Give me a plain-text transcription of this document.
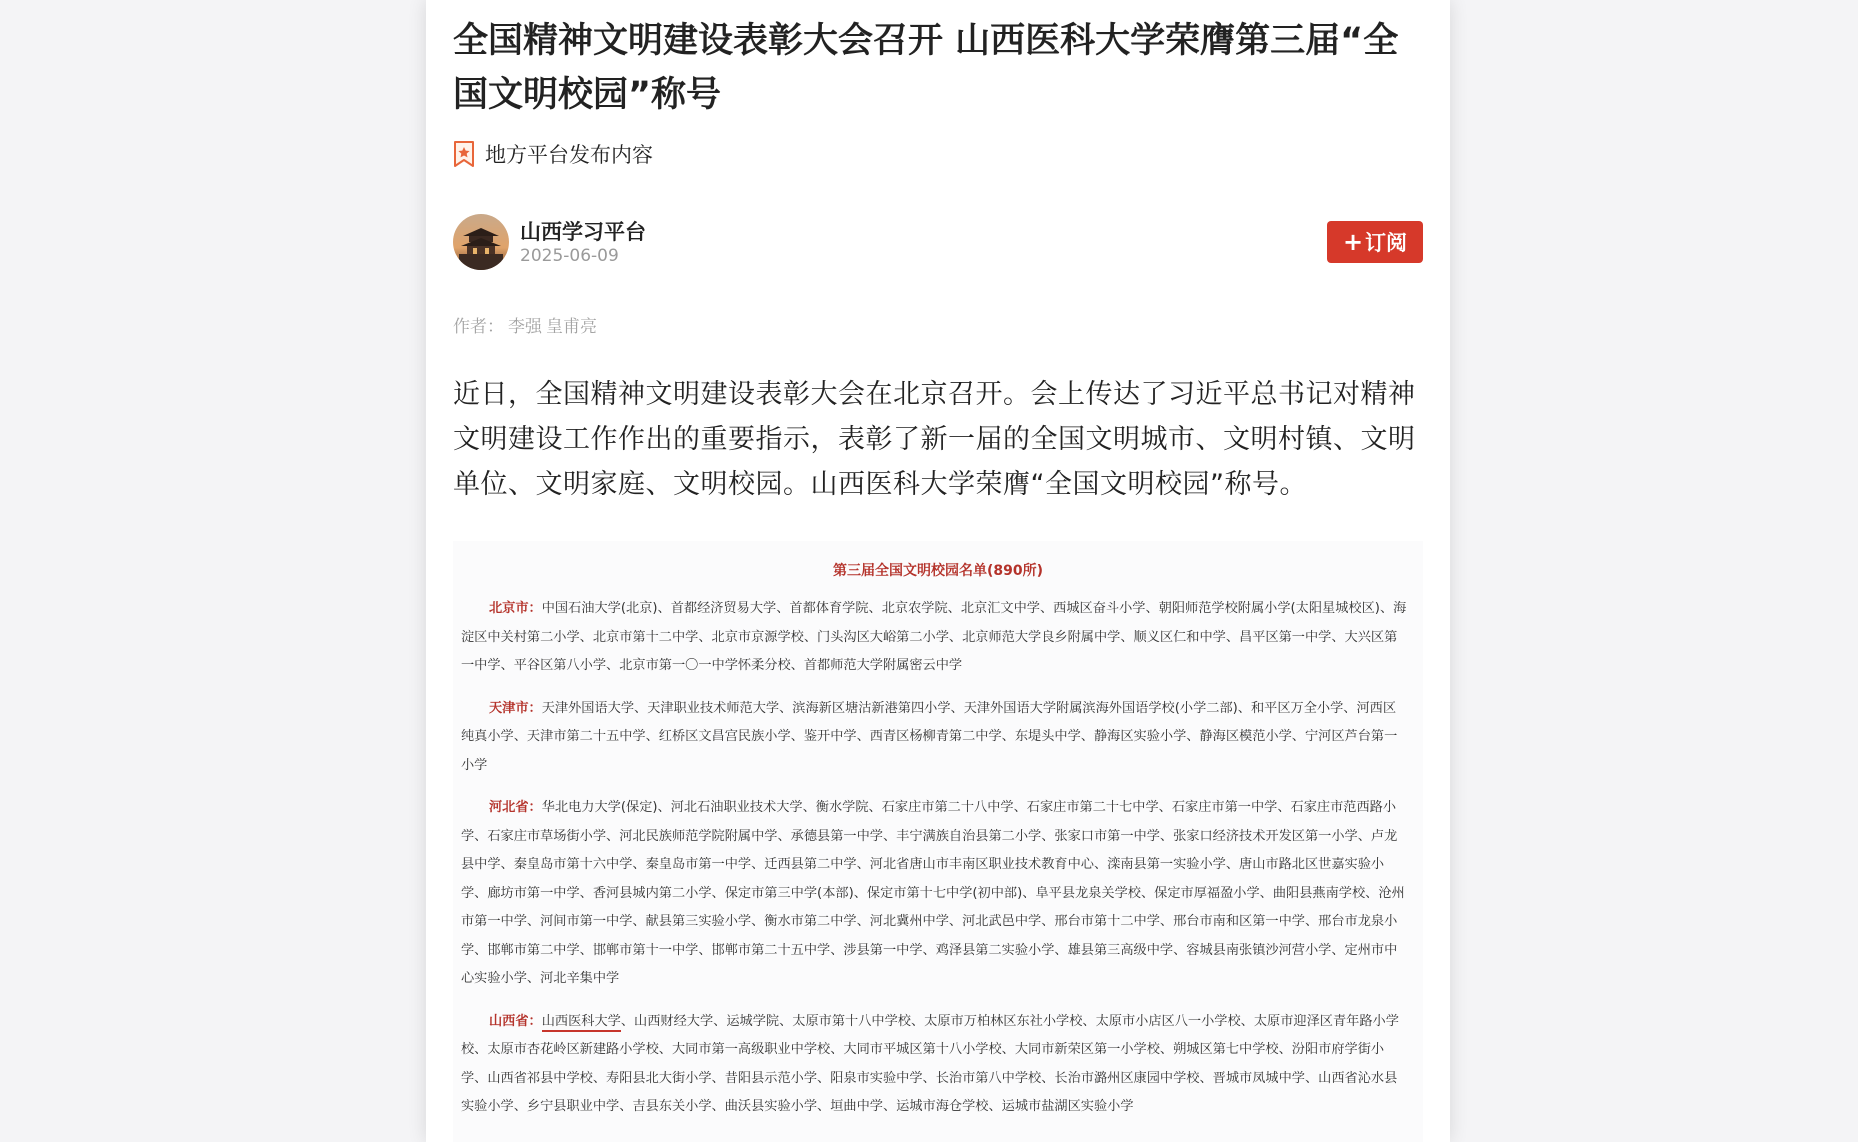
全国精神文明建设表彰大会召开 山西医科大学荣膺第三届“全国文明校园”称号
地方平台发布内容
山西学习平台
2025-06-09	+ 订阅
作者： 李强 皇甫亮

近日，全国精神文明建设表彰大会在北京召开。会上传达了习近平总书记对精神文明建设工作作出的重要指示，表彰了新一届的全国文明城市、文明村镇、文明单位、文明家庭、文明校园。山西医科大学荣膺“全国文明校园”称号。

第三届全国文明校园名单(890所)
北京市：中国石油大学(北京)、首都经济贸易大学、首都体育学院、北京农学院、北京汇文中学、西城区奋斗小学、朝阳师范学校附属小学(太阳星城校区)、海淀区中关村第二小学、北京市第十二中学、北京市京源学校、门头沟区大峪第二小学、北京师范大学良乡附属中学、顺义区仁和中学、昌平区第一中学、大兴区第一中学、平谷区第八小学、北京市第一〇一中学怀柔分校、首都师范大学附属密云中学
天津市：天津外国语大学、天津职业技术师范大学、滨海新区塘沽新港第四小学、天津外国语大学附属滨海外国语学校(小学二部)、和平区万全小学、河西区纯真小学、天津市第二十五中学、红桥区文昌宫民族小学、鉴开中学、西青区杨柳青第二中学、东堤头中学、静海区实验小学、静海区模范小学、宁河区芦台第一小学
河北省：华北电力大学(保定)、河北石油职业技术大学、衡水学院、石家庄市第二十八中学、石家庄市第二十七中学、石家庄市第一中学、石家庄市范西路小学、石家庄市草场街小学、河北民族师范学院附属中学、承德县第一中学、丰宁满族自治县第二小学、张家口市第一中学、张家口经济技术开发区第一小学、卢龙县中学、秦皇岛市第十六中学、秦皇岛市第一中学、迁西县第二中学、河北省唐山市丰南区职业技术教育中心、滦南县第一实验小学、唐山市路北区世嘉实验小学、廊坊市第一中学、香河县城内第二小学、保定市第三中学(本部)、保定市第十七中学(初中部)、阜平县龙泉关学校、保定市厚福盈小学、曲阳县燕南学校、沧州市第一中学、河间市第一中学、献县第三实验小学、衡水市第二中学、河北冀州中学、河北武邑中学、邢台市第十二中学、邢台市南和区第一中学、邢台市龙泉小学、邯郸市第二中学、邯郸市第十一中学、邯郸市第二十五中学、涉县第一中学、鸡泽县第二实验小学、雄县第三高级中学、容城县南张镇沙河营小学、定州市中心实验小学、河北辛集中学
山西省：山西医科大学、山西财经大学、运城学院、太原市第十八中学校、太原市万柏林区东社小学校、太原市小店区八一小学校、太原市迎泽区青年路小学校、太原市杏花岭区新建路小学校、大同市第一高级职业中学校、大同市平城区第十八小学校、大同市新荣区第一小学校、朔城区第七中学校、汾阳市府学街小学、山西省祁县中学校、寿阳县北大街小学、昔阳县示范小学、阳泉市实验中学、长治市第八中学校、长治市潞州区康园中学校、晋城市凤城中学、山西省沁水县实验小学、乡宁县职业中学、吉县东关小学、曲沃县实验小学、垣曲中学、运城市海仓学校、运城市盐湖区实验小学
